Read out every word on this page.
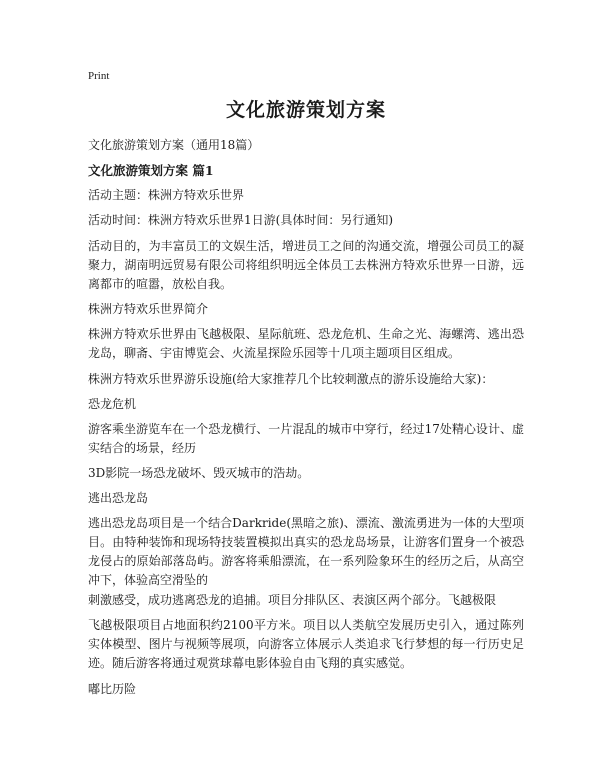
Print
文化旅游策划方案

文化旅游策划方案（通用18篇）

文化旅游策划方案 篇1

活动主题：株洲方特欢乐世界

活动时间：株洲方特欢乐世界1日游(具体时间：另行通知)

活动目的，为丰富员工的文娱生活，增进员工之间的沟通交流，增强公司员工的凝聚力，湖南明远贸易有限公司将组织明远全体员工去株洲方特欢乐世界一日游，远离都市的喧嚣，放松自我。

株洲方特欢乐世界简介

株洲方特欢乐世界由飞越极限、星际航班、恐龙危机、生命之光、海螺湾、逃出恐龙岛，聊斋、宇宙博览会、火流星探险乐园等十几项主题项目区组成。

株洲方特欢乐世界游乐设施(给大家推荐几个比较刺激点的游乐设施给大家)：

恐龙危机

游客乘坐游览车在一个恐龙横行、一片混乱的城市中穿行，经过17处精心设计、虚实结合的场景，经历

3D影院一场恐龙破坏、毁灭城市的浩劫。

逃出恐龙岛

逃出恐龙岛项目是一个结合Darkride(黑暗之旅)、漂流、激流勇进为一体的大型项目。由特种装饰和现场特技装置模拟出真实的恐龙岛场景，让游客们置身一个被恐龙侵占的原始部落岛屿。游客将乘船漂流，在一系列险象环生的经历之后，从高空冲下，体验高空滑坠的

刺激感受，成功逃离恐龙的追捕。项目分排队区、表演区两个部分。飞越极限

飞越极限项目占地面积约2100平方米。项目以人类航空发展历史引入，通过陈列实体模型、图片与视频等展项，向游客立体展示人类追求飞行梦想的每一行历史足迹。随后游客将通过观赏球幕电影体验自由飞翔的真实感觉。

嘟比历险
